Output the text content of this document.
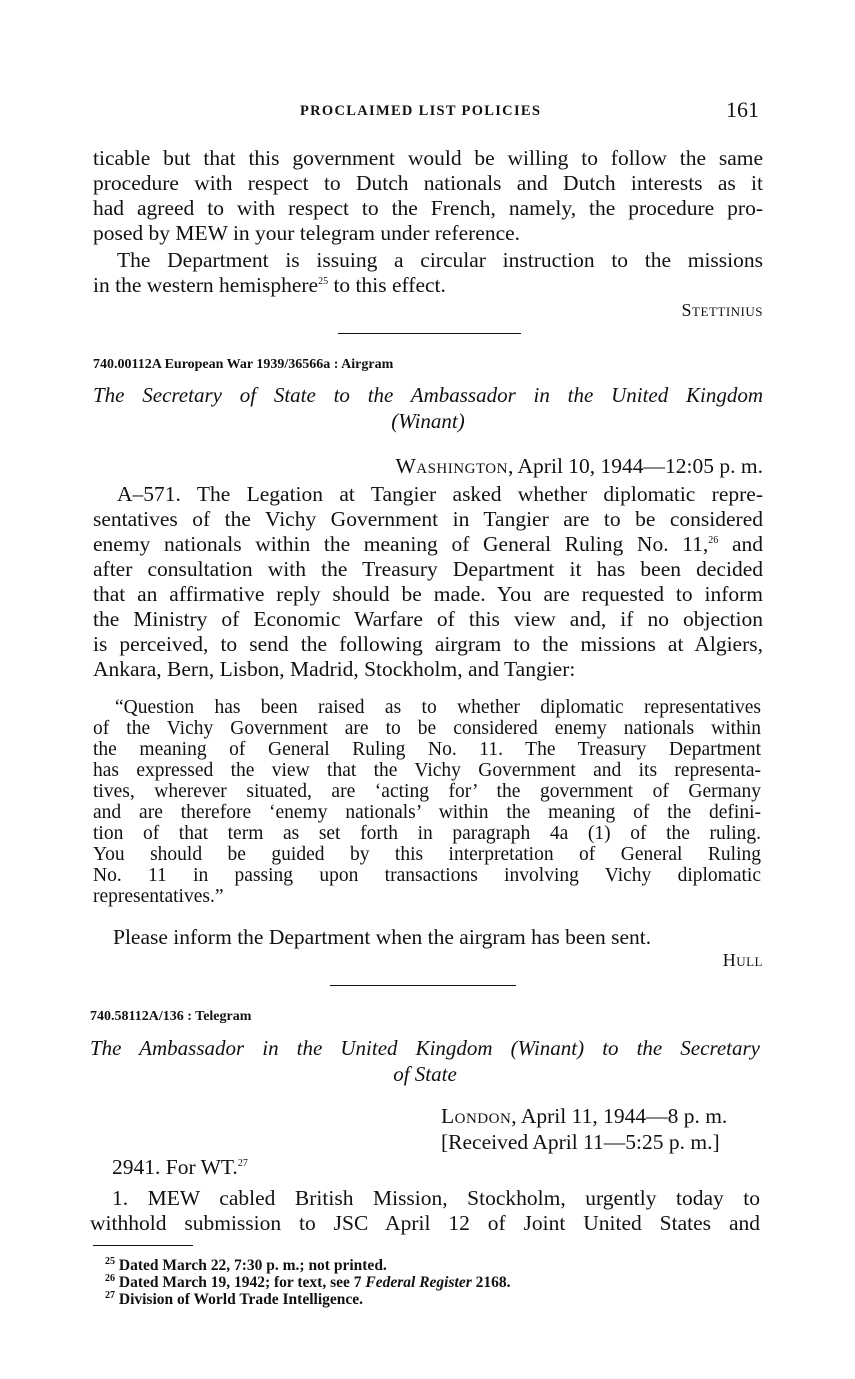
PROCLAIMED LIST POLICIES	161
ticable but that this government would be willing to follow the same
procedure with respect to Dutch nationals and Dutch interests as it
had agreed to with respect to the French, namely, the procedure pro-
posed by MEW in your telegram under reference.
The Department is issuing a circular instruction to the missions
in the western hemisphere$^{25}$ to this effect.
Stettinius
740.00112A European War 1939/36566a : Airgram
The Secretary of State to the Ambassador in the United Kingdom
(Winant)
Washington, April 10, 1944—12:05 p. m.
A–571. The Legation at Tangier asked whether diplomatic repre-
sentatives of the Vichy Government in Tangier are to be considered
enemy nationals within the meaning of General Ruling No. 11,26 and
after consultation with the Treasury Department it has been decided
that an affirmative reply should be made. You are requested to inform
the Ministry of Economic Warfare of this view and, if no objection
is perceived, to send the following airgram to the missions at Algiers,
Ankara, Bern, Lisbon, Madrid, Stockholm, and Tangier:
“Question has been raised as to whether diplomatic representatives
of the Vichy Government are to be considered enemy nationals within
the meaning of General Ruling No. 11. The Treasury Department
has expressed the view that the Vichy Government and its representa-
tives, wherever situated, are ‘acting for’ the government of Germany
and are therefore ‘enemy nationals’ within the meaning of the defini-
tion of that term as set forth in paragraph 4a (1) of the ruling.
You should be guided by this interpretation of General Ruling
No. 11 in passing upon transactions involving Vichy diplomatic
representatives.”
Please inform the Department when the airgram has been sent.
Hull
740.58112A/136 : Telegram
The Ambassador in the United Kingdom (Winant) to the Secretary
of State
London, April 11, 1944—8 p. m.
[Received April 11—5:25 p. m.]
2941. For WT.$^{27}$
1. MEW cabled British Mission, Stockholm, urgently today to
withhold submission to JSC April 12 of Joint United States and
$^{25}$ Dated March 22, 7:30 p. m.; not printed.
$^{26}$ Dated March 19, 1942; for text, see 7 Federal Register 2168.
$^{27}$ Division of World Trade Intelligence.
